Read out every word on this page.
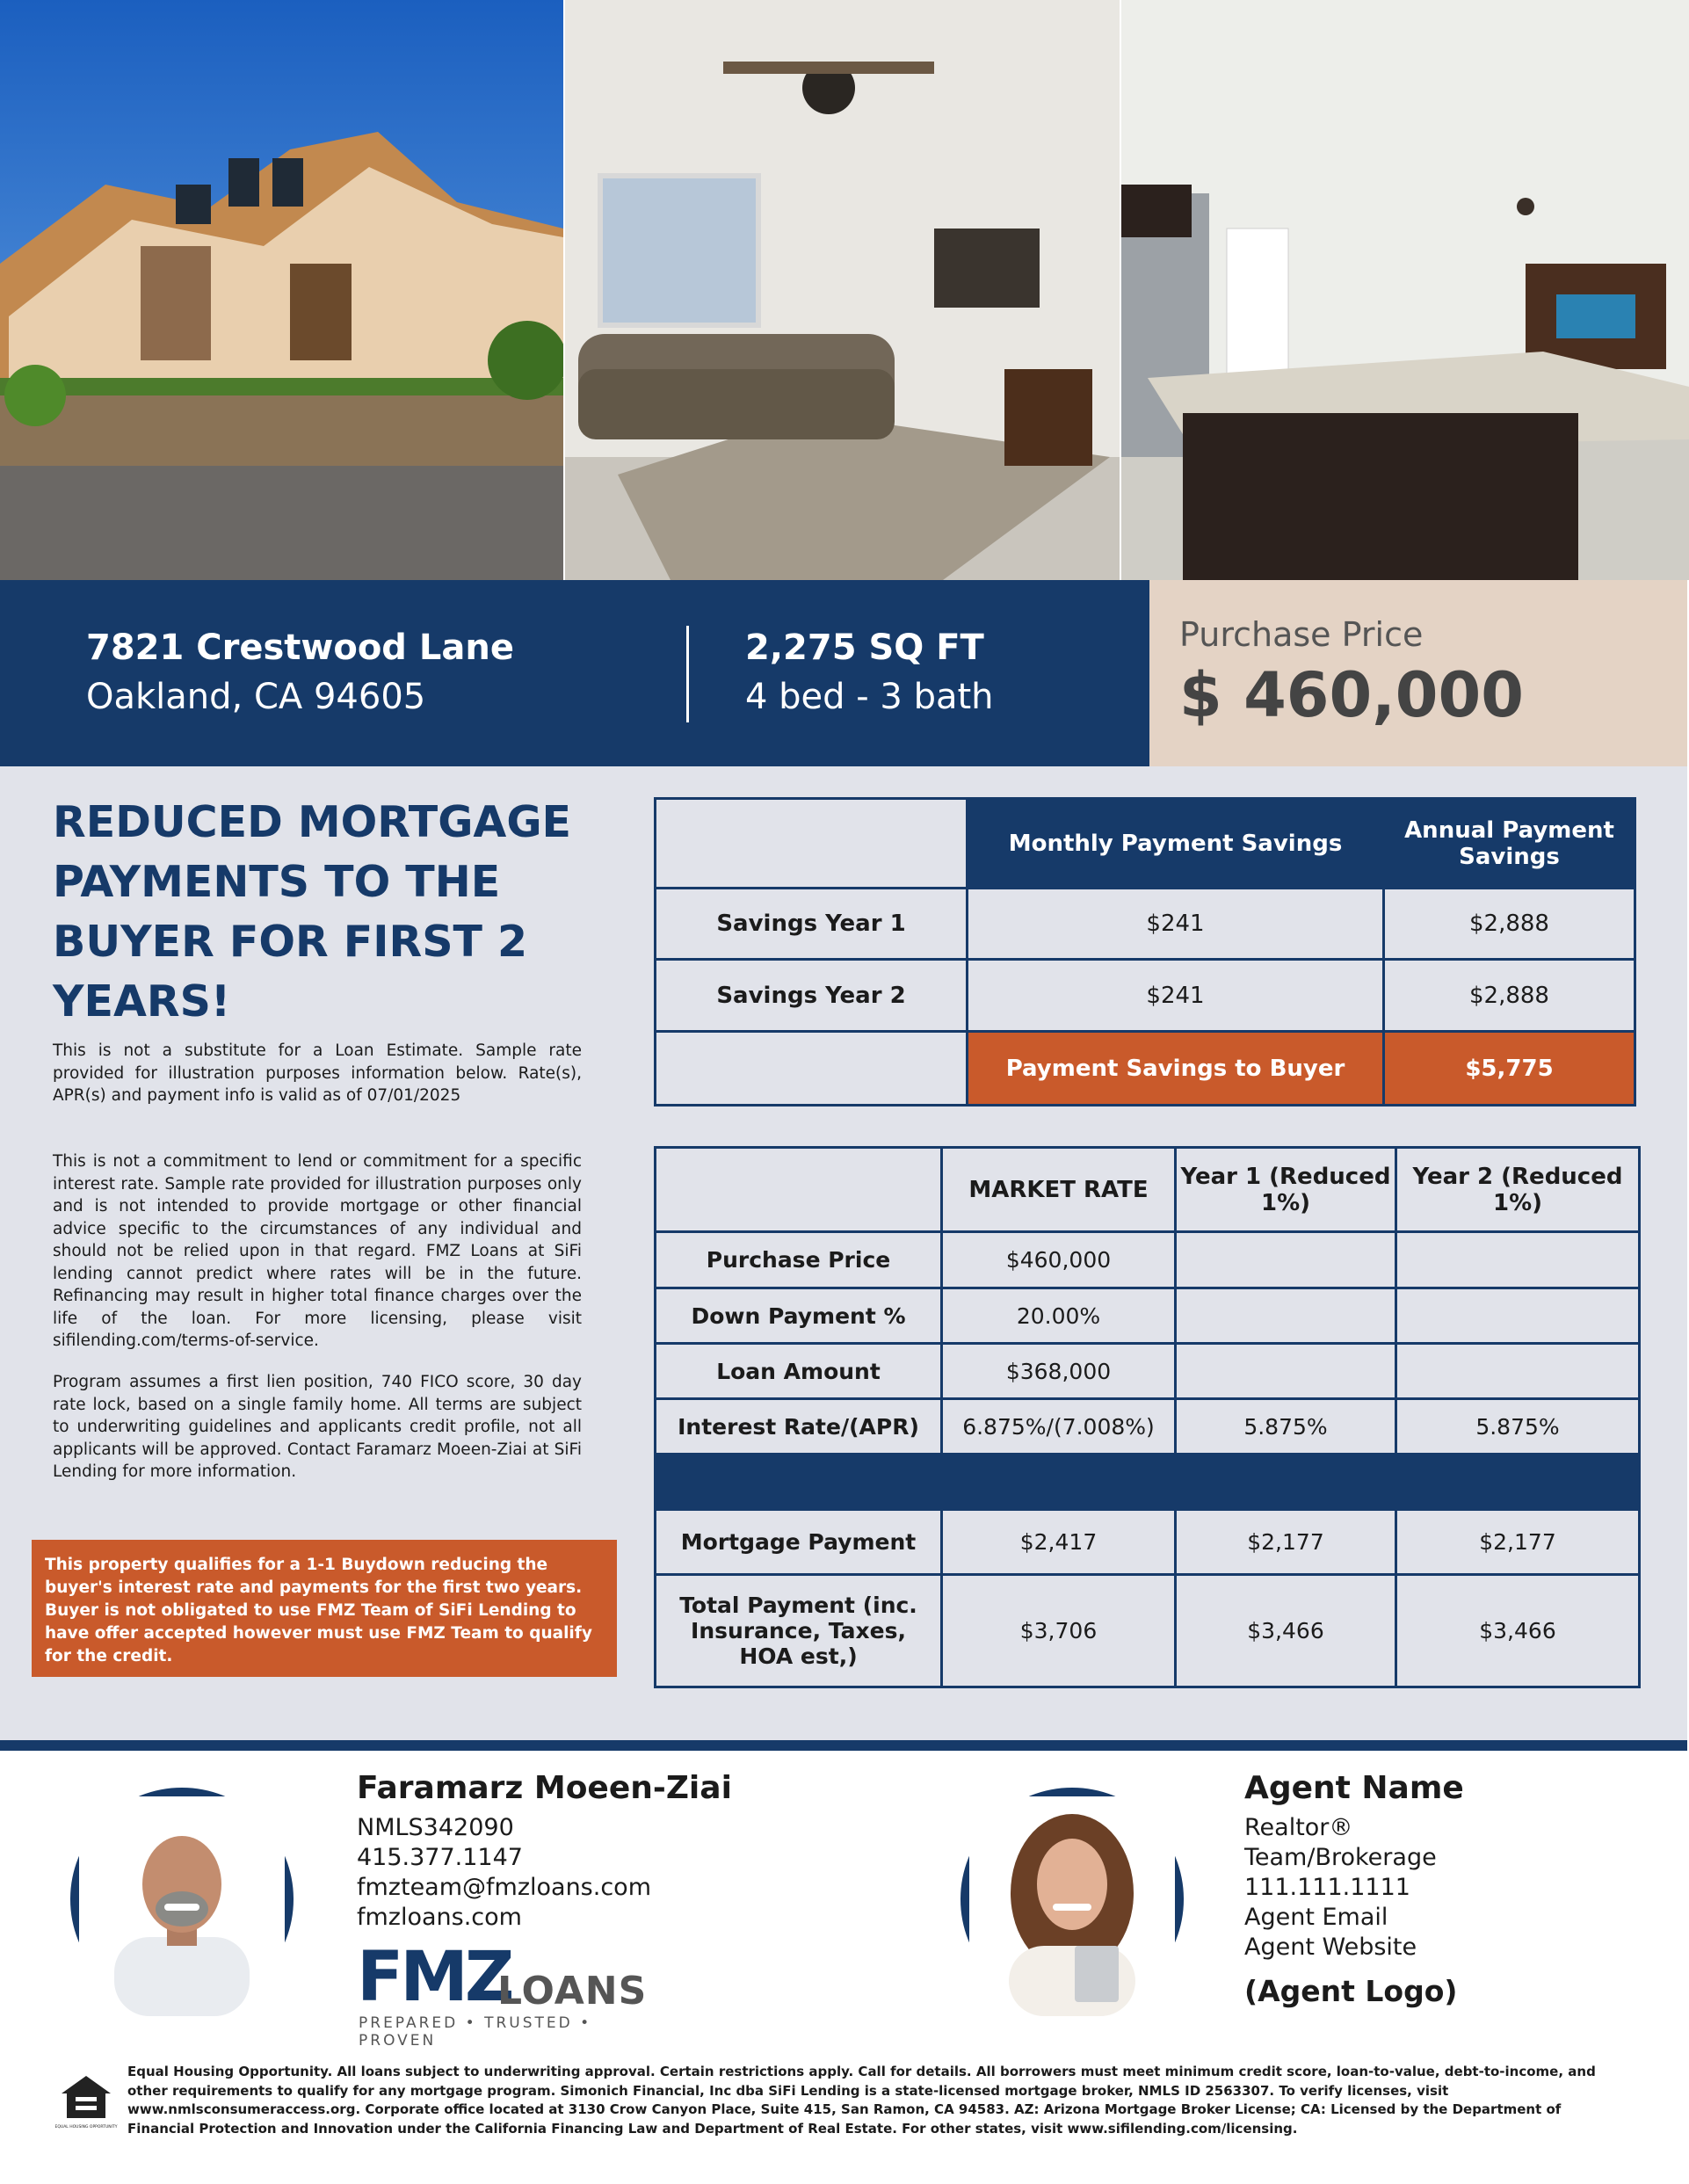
7821 Crestwood Lane
Oakland, CA 94605
2,275 SQ FT
4 bed - 3 bath
Purchase Price
$ 460,000
REDUCED MORTGAGE PAYMENTS TO THE BUYER FOR FIRST 2 YEARS!
This is not a substitute for a Loan Estimate. Sample rate provided for illustration purposes information below. Rate(s), APR(s) and payment info is valid as of 07/01/2025
This is not a commitment to lend or commitment for a specific interest rate. Sample rate provided for illustration purposes only and is not intended to provide mortgage or other financial advice specific to the circumstances of any individual and should not be relied upon in that regard. FMZ Loans at SiFi lending cannot predict where rates will be in the future. Refinancing may result in higher total finance charges over the life of the loan. For more licensing, please visit sifilending.com/terms-of-service.
Program assumes a first lien position, 740 FICO score, 30 day rate lock, based on a single family home. All terms are subject to underwriting guidelines and applicants credit profile, not all applicants will be approved. Contact Faramarz Moeen-Ziai at SiFi Lending for more information.
This property qualifies for a 1-1 Buydown reducing the buyer's interest rate and payments for the first two years. Buyer is not obligated to use FMZ Team of SiFi Lending to have offer accepted however must use FMZ Team to qualify for the credit.
	Monthly Payment Savings	Annual Payment Savings
Savings Year 1	$241	$2,888
Savings Year 2	$241	$2,888
	Payment Savings to Buyer	$5,775
	MARKET RATE	Year 1 (Reduced 1%)	Year 2 (Reduced 1%)
Purchase Price	$460,000		
Down Payment %	20.00%		
Loan Amount	$368,000		
Interest Rate/(APR)	6.875%/(7.008%)	5.875%	5.875%

Mortgage Payment	$2,417	$2,177	$2,177
Total Payment (inc. Insurance, Taxes, HOA est,)	$3,706	$3,466	$3,466
Faramarz Moeen-Ziai
NMLS342090
415.377.1147
fmzteam@fmzloans.com
fmzloans.com
FMZ
LOANS
PREPARED • TRUSTED • PROVEN
Agent Name
Realtor®
Team/Brokerage
111.111.1111
Agent Email
Agent Website
(Agent Logo)
EQUAL HOUSING OPPORTUNITY
Equal Housing Opportunity. All loans subject to underwriting approval. Certain restrictions apply. Call for details. All borrowers must meet minimum credit score, loan-to-value, debt-to-income, and other requirements to qualify for any mortgage program. Simonich Financial, Inc dba SiFi Lending is a state-licensed mortgage broker, NMLS ID 2563307. To verify licenses, visit www.nmlsconsumeraccess.org. Corporate office located at 3130 Crow Canyon Place, Suite 415, San Ramon, CA 94583. AZ: Arizona Mortgage Broker License; CA: Licensed by the Department of Financial Protection and Innovation under the California Financing Law and Department of Real Estate. For other states, visit www.sifilending.com/licensing.
